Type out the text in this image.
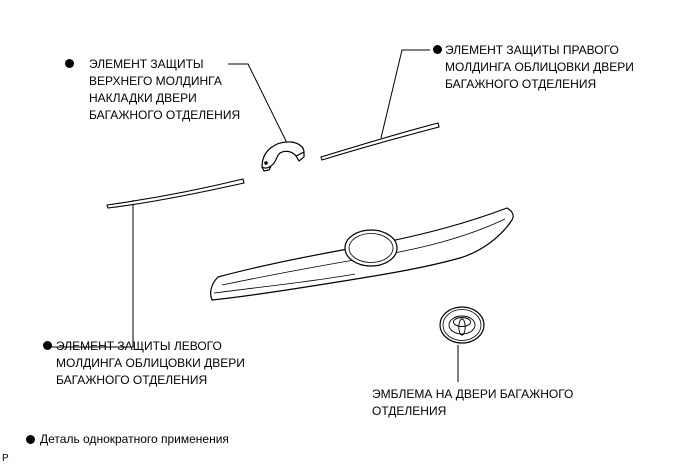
ЭЛЕМЕНТ ЗАЩИТЫ
ВЕРХНЕГО МОЛДИНГА
НАКЛАДКИ ДВЕРИ
БАГАЖНОГО ОТДЕЛЕНИЯ
ЭЛЕМЕНТ ЗАЩИТЫ ПРАВОГО
МОЛДИНГА ОБЛИЦОВКИ ДВЕРИ
БАГАЖНОГО ОТДЕЛЕНИЯ
ЭЛЕМЕНТ ЗАЩИТЫ ЛЕВОГО
МОЛДИНГА ОБЛИЦОВКИ ДВЕРИ
БАГАЖНОГО ОТДЕЛЕНИЯ
ЭМБЛЕМА НА ДВЕРИ БАГАЖНОГО
ОТДЕЛЕНИЯ
Деталь однократного применения
P
